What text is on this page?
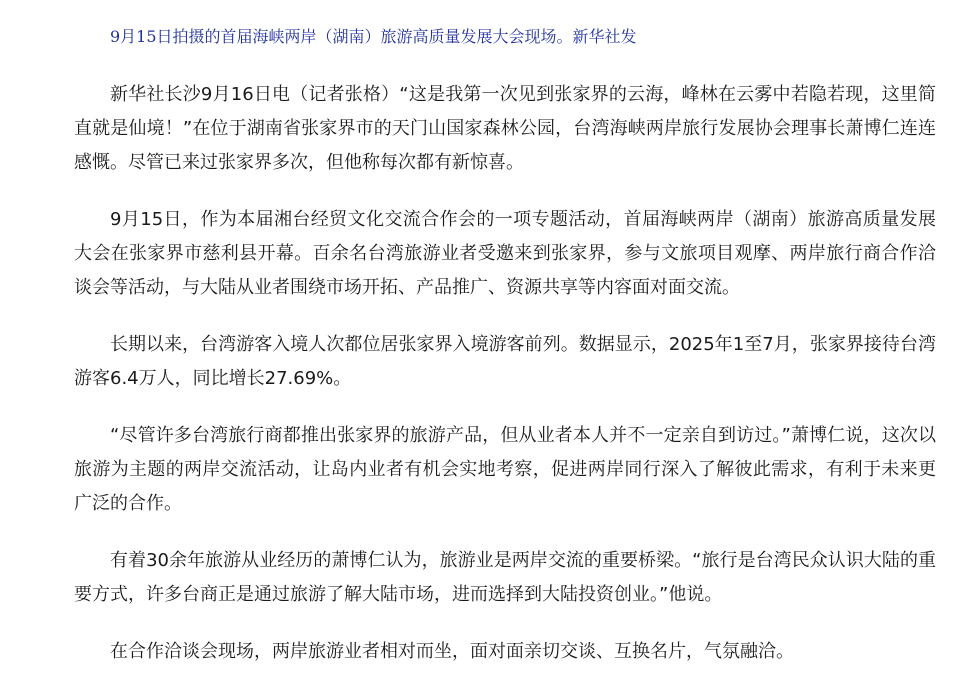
9月15日拍摄的首届海峡两岸（湖南）旅游高质量发展大会现场。新华社发

新华社长沙9月16日电（记者张格）“这是我第一次见到张家界的云海，峰林在云雾中若隐若现，这里简直就是仙境！”在位于湖南省张家界市的天门山国家森林公园，台湾海峡两岸旅行发展协会理事长萧博仁连连感慨。尽管已来过张家界多次，但他称每次都有新惊喜。

9月15日，作为本届湘台经贸文化交流合作会的一项专题活动，首届海峡两岸（湖南）旅游高质量发展大会在张家界市慈利县开幕。百余名台湾旅游业者受邀来到张家界，参与文旅项目观摩、两岸旅行商合作洽谈会等活动，与大陆从业者围绕市场开拓、产品推广、资源共享等内容面对面交流。

长期以来，台湾游客入境人次都位居张家界入境游客前列。数据显示，2025年1至7月，张家界接待台湾游客6.4万人，同比增长27.69%。

“尽管许多台湾旅行商都推出张家界的旅游产品，但从业者本人并不一定亲自到访过。”萧博仁说，这次以旅游为主题的两岸交流活动，让岛内业者有机会实地考察，促进两岸同行深入了解彼此需求，有利于未来更广泛的合作。

有着30余年旅游从业经历的萧博仁认为，旅游业是两岸交流的重要桥梁。“旅行是台湾民众认识大陆的重要方式，许多台商正是通过旅游了解大陆市场，进而选择到大陆投资创业。”他说。

在合作洽谈会现场，两岸旅游业者相对而坐，面对面亲切交谈、互换名片，气氛融洽。
